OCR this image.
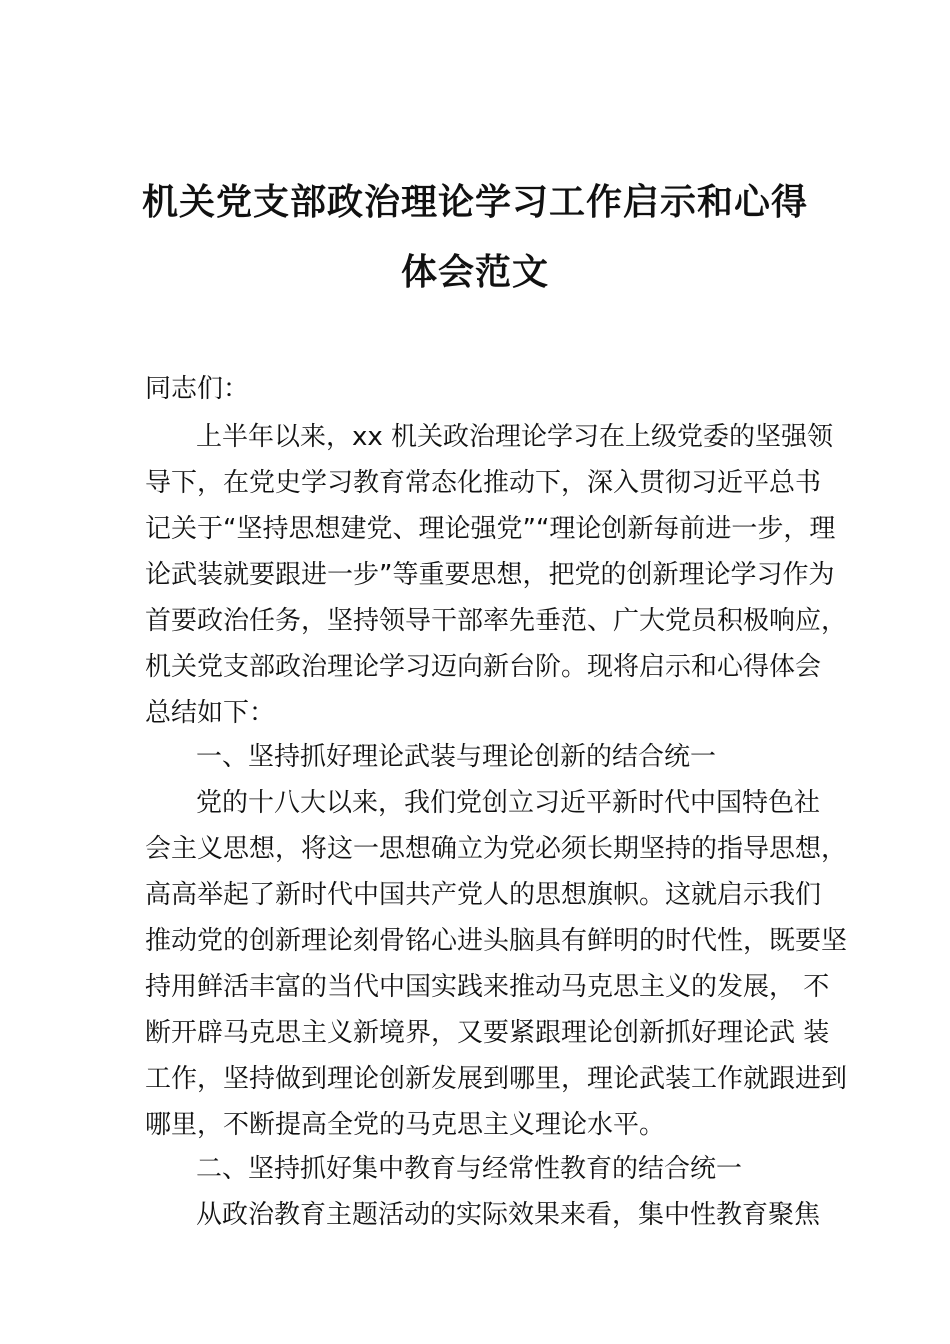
机关党支部政治理论学习工作启示和心得
体会范文
同志们：
上半年以来，xx 机关政治理论学习在上级党委的坚强领
导下，在党史学习教育常态化推动下，深入贯彻习近平总书
记关于“坚持思想建党、理论强党”“理论创新每前进一步，理
论武装就要跟进一步”等重要思想，把党的创新理论学习作为
首要政治任务，坚持领导干部率先垂范、广大党员积极响应，
机关党支部政治理论学习迈向新台阶。现将启示和心得体会
总结如下：
一、坚持抓好理论武装与理论创新的结合统一
党的十八大以来，我们党创立习近平新时代中国特色社
会主义思想，将这一思想确立为党必须长期坚持的指导思想，
高高举起了新时代中国共产党人的思想旗帜。这就启示我们
推动党的创新理论刻骨铭心进头脑具有鲜明的时代性，既要坚
持用鲜活丰富的当代中国实践来推动马克思主义的发展， 不
断开辟马克思主义新境界，又要紧跟理论创新抓好理论武 装
工作，坚持做到理论创新发展到哪里，理论武装工作就跟进到
哪里，不断提高全党的马克思主义理论水平。
二、坚持抓好集中教育与经常性教育的结合统一
从政治教育主题活动的实际效果来看，集中性教育聚焦
